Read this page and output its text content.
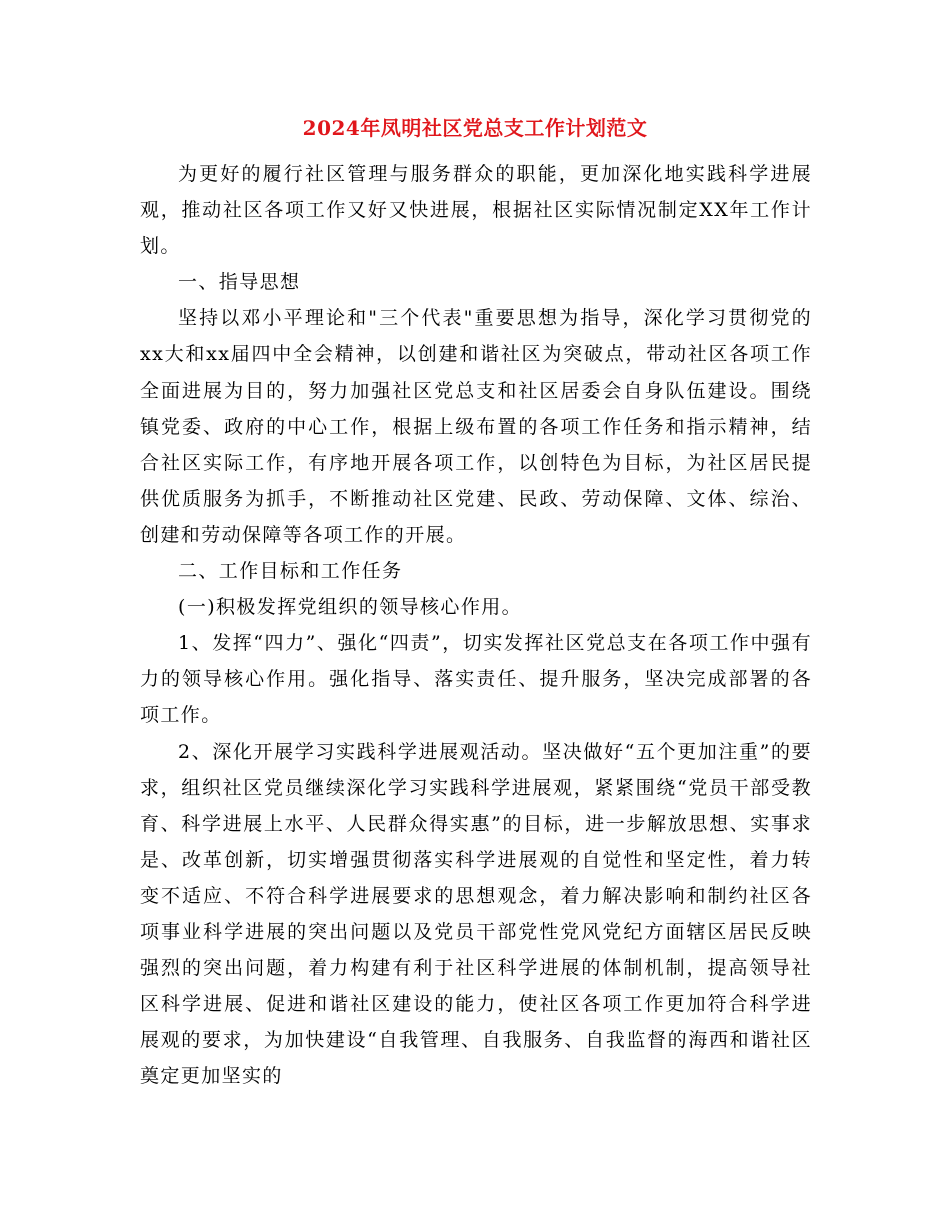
2024年凤明社区党总支工作计划范文

为更好的履行社区管理与服务群众的职能，更加深化地实践科学进展观，推动社区各项工作又好又快进展，根据社区实际情况制定XX年工作计划。

一、指导思想

坚持以邓小平理论和"三个代表"重要思想为指导，深化学习贯彻党的xx大和xx届四中全会精神，以创建和谐社区为突破点，带动社区各项工作全面进展为目的，努力加强社区党总支和社区居委会自身队伍建设。围绕镇党委、政府的中心工作，根据上级布置的各项工作任务和指示精神，结合社区实际工作，有序地开展各项工作，以创特色为目标，为社区居民提供优质服务为抓手，不断推动社区党建、民政、劳动保障、文体、综治、创建和劳动保障等各项工作的开展。

二、工作目标和工作任务

(一)积极发挥党组织的领导核心作用。

1、发挥“四力”、强化“四责”，切实发挥社区党总支在各项工作中强有力的领导核心作用。强化指导、落实责任、提升服务，坚决完成部署的各项工作。

2、深化开展学习实践科学进展观活动。坚决做好“五个更加注重”的要求，组织社区党员继续深化学习实践科学进展观，紧紧围绕“党员干部受教育、科学进展上水平、人民群众得实惠”的目标，进一步解放思想、实事求是、改革创新，切实增强贯彻落实科学进展观的自觉性和坚定性，着力转变不适应、不符合科学进展要求的思想观念，着力解决影响和制约社区各项事业科学进展的突出问题以及党员干部党性党风党纪方面辖区居民反映强烈的突出问题，着力构建有利于社区科学进展的体制机制，提高领导社区科学进展、促进和谐社区建设的能力，使社区各项工作更加符合科学进展观的要求，为加快建设“自我管理、自我服务、自我监督的海西和谐社区奠定更加坚实的
